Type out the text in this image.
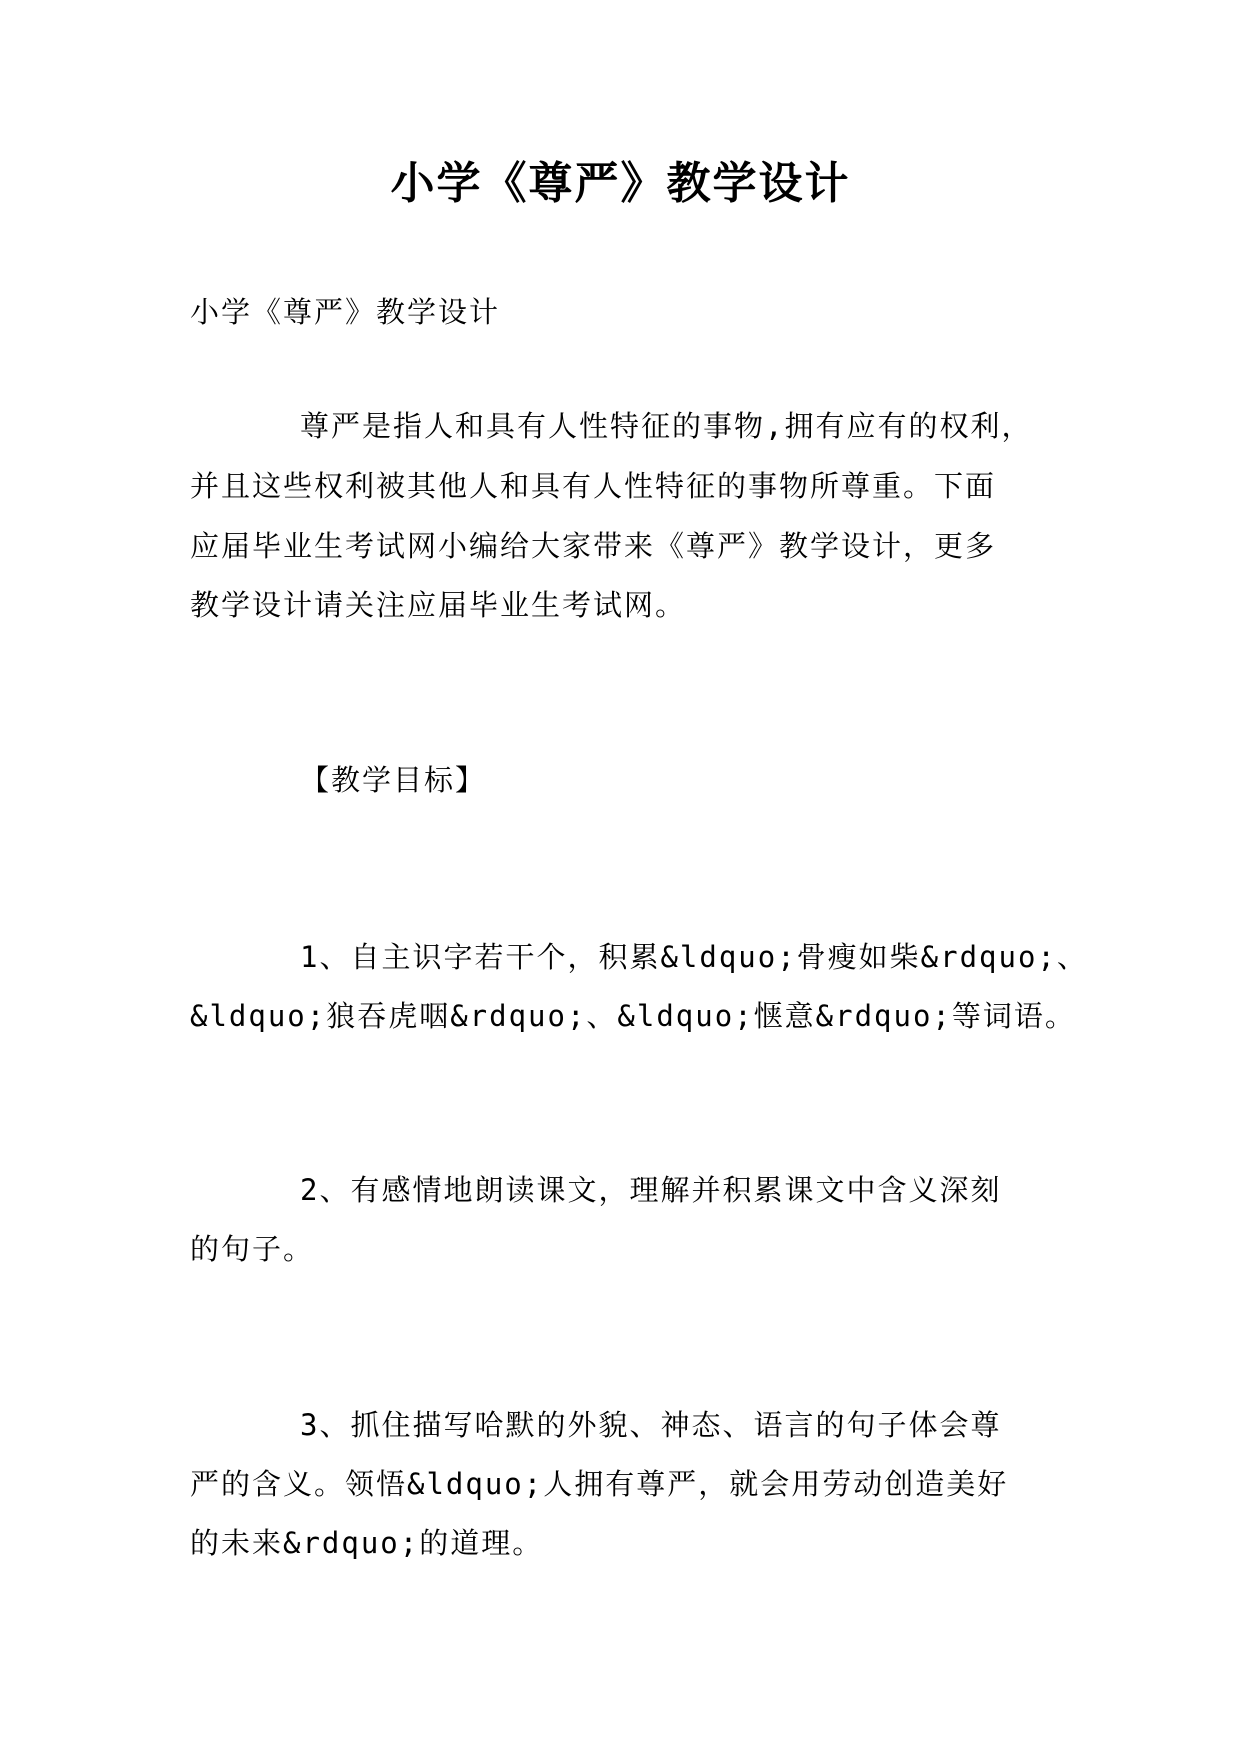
小学《尊严》教学设计
小学《尊严》教学设计
尊严是指人和具有人性特征的事物,拥有应有的权利，
并且这些权利被其他人和具有人性特征的事物所尊重。下面
应届毕业生考试网小编给大家带来《尊严》教学设计，更多
教学设计请关注应届毕业生考试网。
【教学目标】
1、自主识字若干个，积累&ldquo;骨瘦如柴&rdquo;、
&ldquo;狼吞虎咽&rdquo;、&ldquo;惬意&rdquo;等词语。
2、有感情地朗读课文，理解并积累课文中含义深刻
的句子。
3、抓住描写哈默的外貌、神态、语言的句子体会尊
严的含义。领悟&ldquo;人拥有尊严，就会用劳动创造美好
的未来&rdquo;的道理。
